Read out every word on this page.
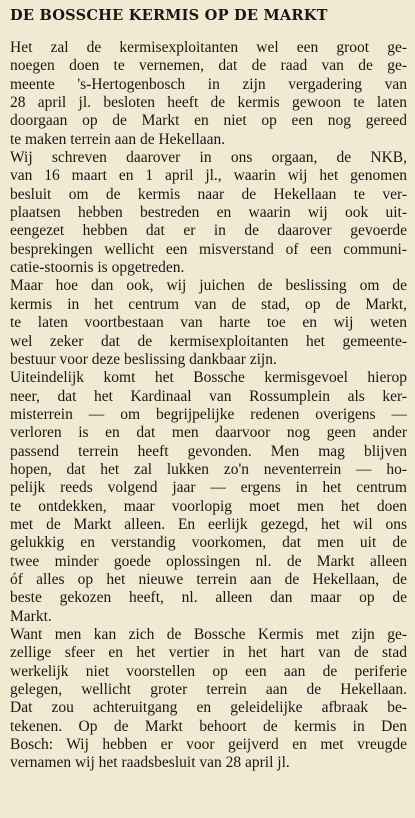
DE BOSSCHE KERMIS OP DE MARKT
Het zal de kermisexploitanten wel een groot ge-
noegen doen te vernemen, dat de raad van de ge-
meente 's-Hertogenbosch in zijn vergadering van
28 april jl. besloten heeft de kermis gewoon te laten
doorgaan op de Markt en niet op een nog gereed
te maken terrein aan de Hekellaan.
Wij schreven daarover in ons orgaan, de NKB,
van 16 maart en 1 april jl., waarin wij het genomen
besluit om de kermis naar de Hekellaan te ver-
plaatsen hebben bestreden en waarin wij ook uit-
eengezet hebben dat er in de daarover gevoerde
besprekingen wellicht een misverstand of een communi-
catie-stoornis is opgetreden.
Maar hoe dan ook, wij juichen de beslissing om de
kermis in het centrum van de stad, op de Markt,
te laten voortbestaan van harte toe en wij weten
wel zeker dat de kermisexploitanten het gemeente-
bestuur voor deze beslissing dankbaar zijn.
Uiteindelijk komt het Bossche kermisgevoel hierop
neer, dat het Kardinaal van Rossumplein als ker-
misterrein — om begrijpelijke redenen overigens —
verloren is en dat men daarvoor nog geen ander
passend terrein heeft gevonden. Men mag blijven
hopen, dat het zal lukken zo'n neventerrein — ho-
pelijk reeds volgend jaar — ergens in het centrum
te ontdekken, maar voorlopig moet men het doen
met de Markt alleen. En eerlijk gezegd, het wil ons
gelukkig en verstandig voorkomen, dat men uit de
twee minder goede oplossingen nl. de Markt alleen
óf alles op het nieuwe terrein aan de Hekellaan, de
beste gekozen heeft, nl. alleen dan maar op de
Markt.
Want men kan zich de Bossche Kermis met zijn ge-
zellige sfeer en het vertier in het hart van de stad
werkelijk niet voorstellen op een aan de periferie
gelegen, wellicht groter terrein aan de Hekellaan.
Dat zou achteruitgang en geleidelijke afbraak be-
tekenen. Op de Markt behoort de kermis in Den
Bosch: Wij hebben er voor geijverd en met vreugde
vernamen wij het raadsbesluit van 28 april jl.
